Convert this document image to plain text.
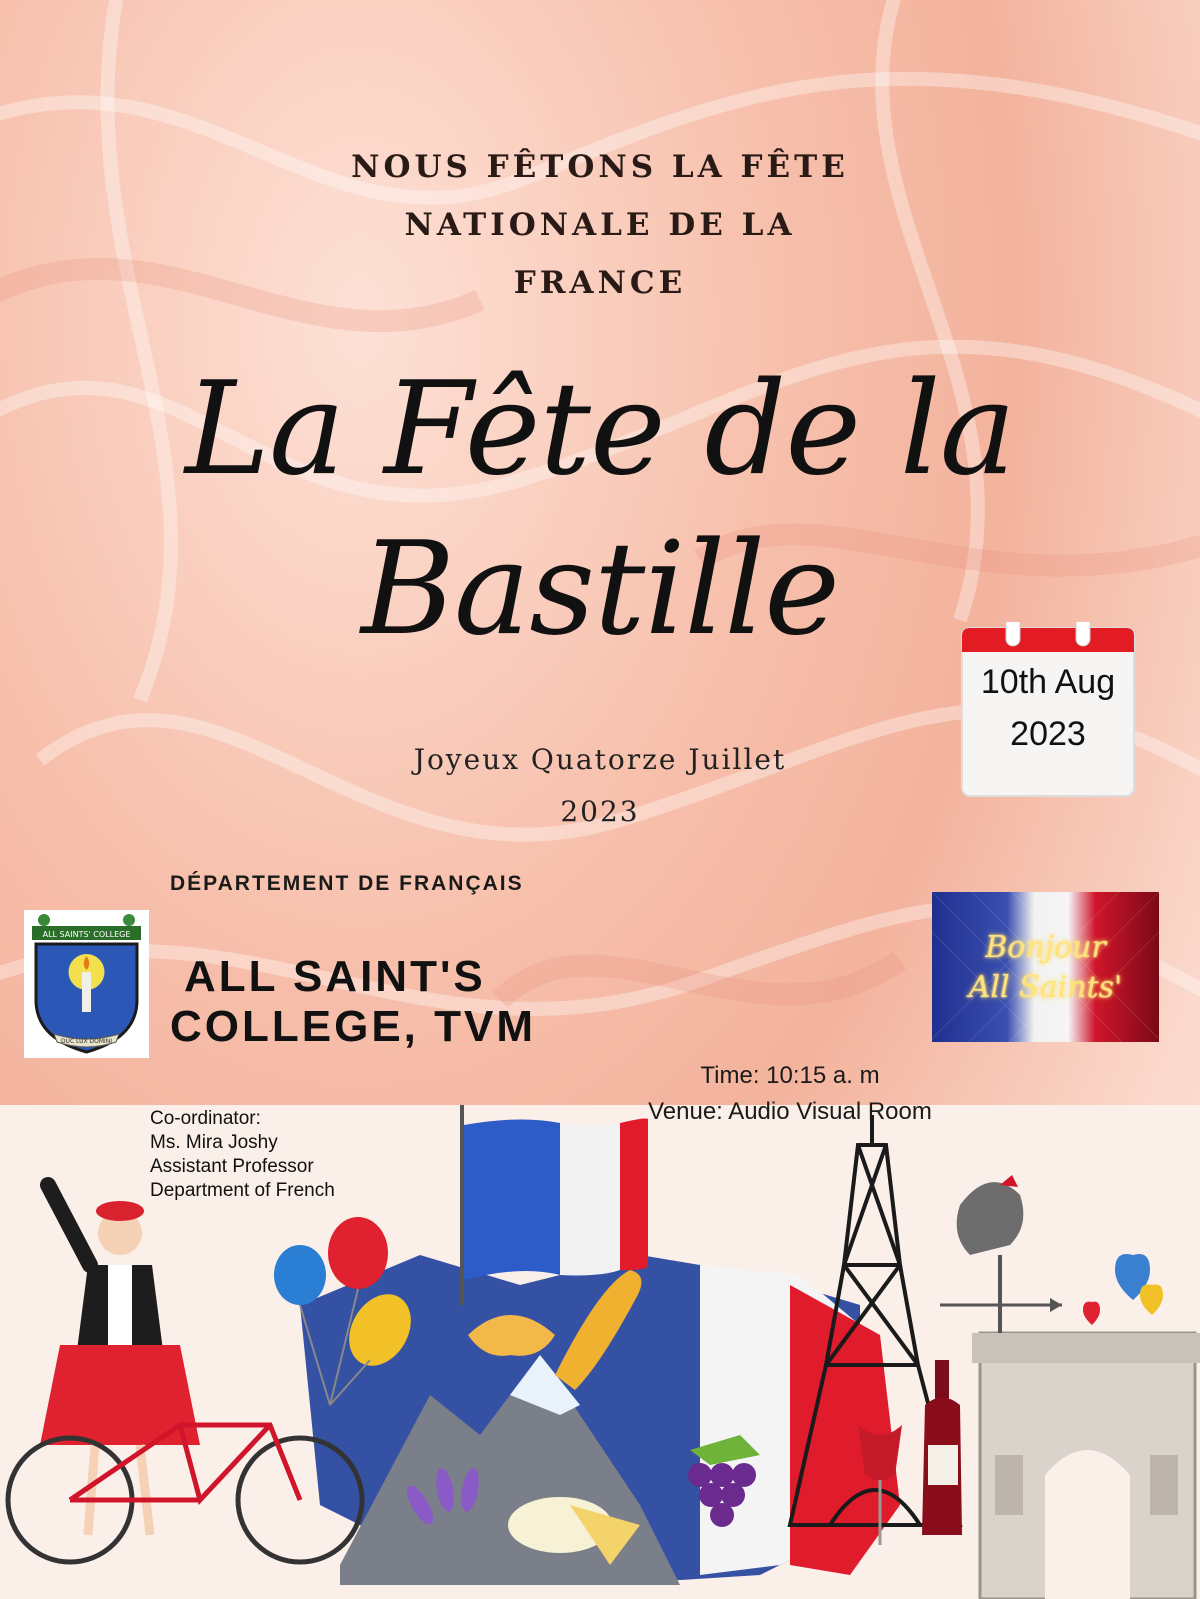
NOUS FÊTONS LA FÊTE
NATIONALE DE LA
FRANCE
La Fête de la
Bastille
Joyeux Quatorze Juillet
2023
10th Aug
2023
DÉPARTEMENT DE FRANÇAIS
ALL SAINTS' COLLEGE
DUC LUX DOMINI
ALL SAINT'S
COLLEGE, TVM
Bonjour
All Saints'
Time: 10:15 a. m
Venue: Audio Visual Room
Co-ordinator:
Ms. Mira Joshy
Assistant Professor
Department of French
